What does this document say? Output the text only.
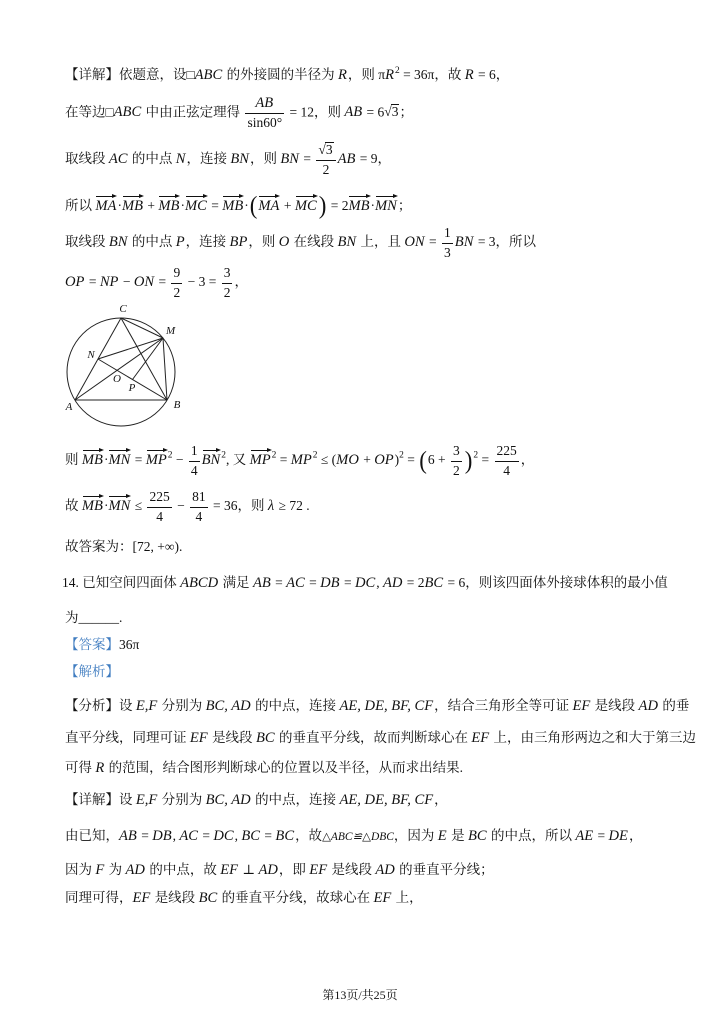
【详解】依题意，设□ABC 的外接圆的半径为 R，则 $\pi R^2 = 36\pi$，故 R = 6，
在等边□ABC 中由正弦定理得 $\frac{AB}{\sin 60^\circ} = 12$，则 AB = 6 √ 3 ；
取线段 AC 的中点 N，连接 BN，则 BN = √ $\frac{3}{2}$ AB = 9，
所以 MA·MB + MB·MC = MB·(MA + MC) = 2MB·MN；
取线段 BN 的中点 P，连接 BP，则 O 在线段 BN 上，且 ON = $\frac{1}{3}$ BN = 3，所以
OP = NP − ON = $\frac{9}{2} - 3 = \frac{3}{2}$ ，
C
M
N
O
P
A	B
则 $MB\cdot MN = MP^2 - \frac{1}{4} BN^2$, 又 $MP^2 = MP^2 \le (MO + OP)^2 = (6 + \frac{3}{2} )^2 = \frac{225}{4}$ ，
故 $MB\cdot MN \le \frac{225}{4} - \frac{81}{4} = 36$，则 λ ≥ 72 .
故答案为：[72, +∞).
14. 已知空间四面体 ABCD 满足 AB = AC = DB = DC, AD = 2BC = 6，则该四面体外接球体积的最小值
为______.
【答案】36π
【解析】
【分析】设 E,F 分别为 BC, AD 的中点，连接 AE, DE, BF, CF，结合三角形全等可证 EF 是线段 AD 的垂
直平分线，同理可证 EF 是线段 BC 的垂直平分线，故而判断球心在 EF 上，由三角形两边之和大于第三边
可得 R 的范围，结合图形判断球心的位置以及半径，从而求出结果.
【详解】设 E,F 分别为 BC, AD 的中点，连接 AE, DE, BF, CF，
由已知，AB = DB, AC = DC, BC = BC，故△ABC≌△DBC，因为 E 是 BC 的中点，所以 AE = DE，
因为 F 为 AD 的中点，故 EF ⊥ AD，即 EF 是线段 AD 的垂直平分线；
同理可得，EF 是线段 BC 的垂直平分线，故球心在 EF 上，
第13页/共25页
